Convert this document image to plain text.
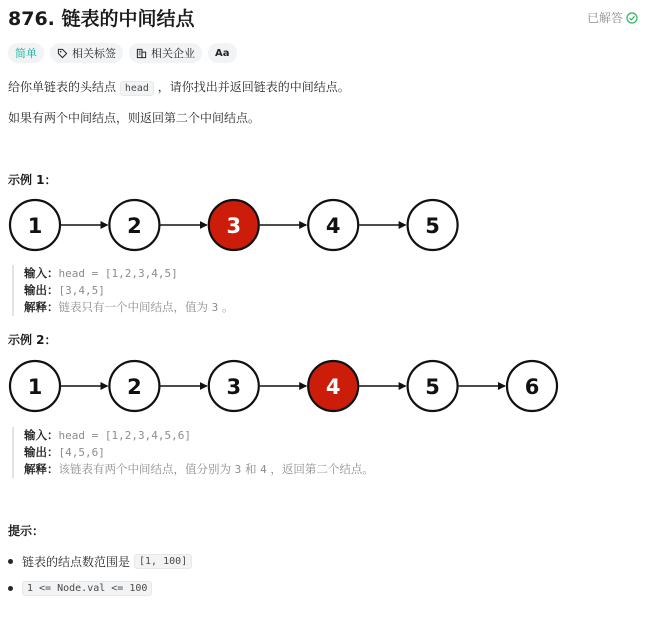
876. 链表的中间结点	已解答
简单	相关标签	相关企业 Aa
给你单链表的头结点 head ，请你找出并返回链表的中间结点。
如果有两个中间结点，则返回第二个中间结点。
示例 1：
1	2	3	4	5
输入：head = [1,2,3,4,5]
输出：[3,4,5]
解释：链表只有一个中间结点，值为 3 。
示例 2：
1	2	3	4	5	6
输入：head = [1,2,3,4,5,6]
输出：[4,5,6]
解释：该链表有两个中间结点，值分别为 3 和 4 ，返回第二个结点。
提示：
链表的结点数范围是 [1, 100]
1 <= Node.val <= 100
